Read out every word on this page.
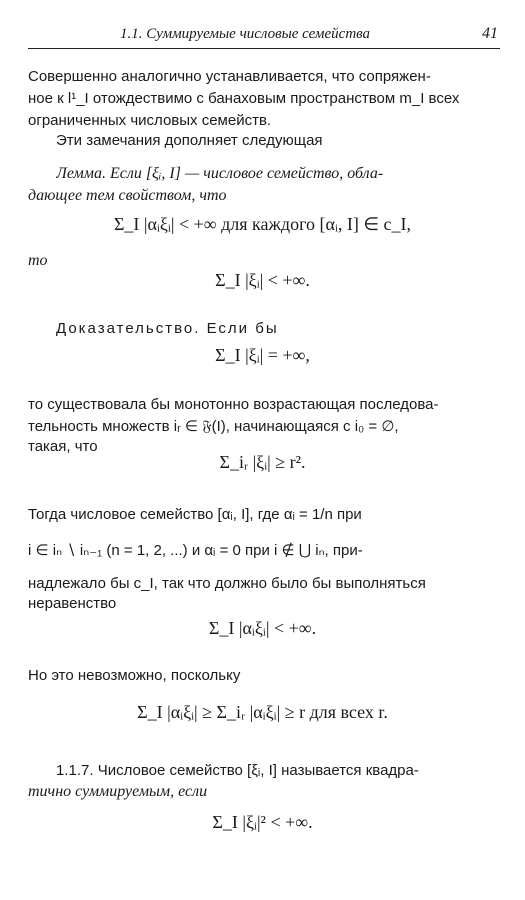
1.1. Суммируемые числовые семейства	41
Совершенно аналогично устанавливается, что сопряжен-
ное к l¹_I отождествимо с банаховым пространством m_I всех
ограниченных числовых семейств.
Эти замечания дополняет следующая
Лемма. Если [ξᵢ, I] — числовое семейство, обла-
дающее тем свойством, что
Σ_I |αᵢξᵢ| < +∞ для каждого [αᵢ, I] ∈ c_I,
то
Σ_I |ξᵢ| < +∞.
Доказательство. Если бы
Σ_I |ξᵢ| = +∞,
то существовала бы монотонно возрастающая последова-
тельность множеств iᵣ ∈ 𝔉(I), начинающаяся с i₀ = ∅,
такая, что
Σ_iᵣ |ξᵢ| ≥ r².
Тогда числовое семейство [αᵢ, I], где αᵢ = 1/n при
i ∈ iₙ ∖ iₙ₋₁ (n = 1, 2, ...) и αᵢ = 0 при i ∉ ⋃ iₙ, при-
надлежало бы c_I, так что должно было бы выполняться
неравенство
Σ_I |αᵢξᵢ| < +∞.
Но это невозможно, поскольку
Σ_I |αᵢξᵢ| ≥ Σ_iᵣ |αᵢξᵢ| ≥ r для всех r.
1.1.7. Числовое семейство [ξᵢ, I] называется квадра-
тично суммируемым, если
Σ_I |ξᵢ|² < +∞.
